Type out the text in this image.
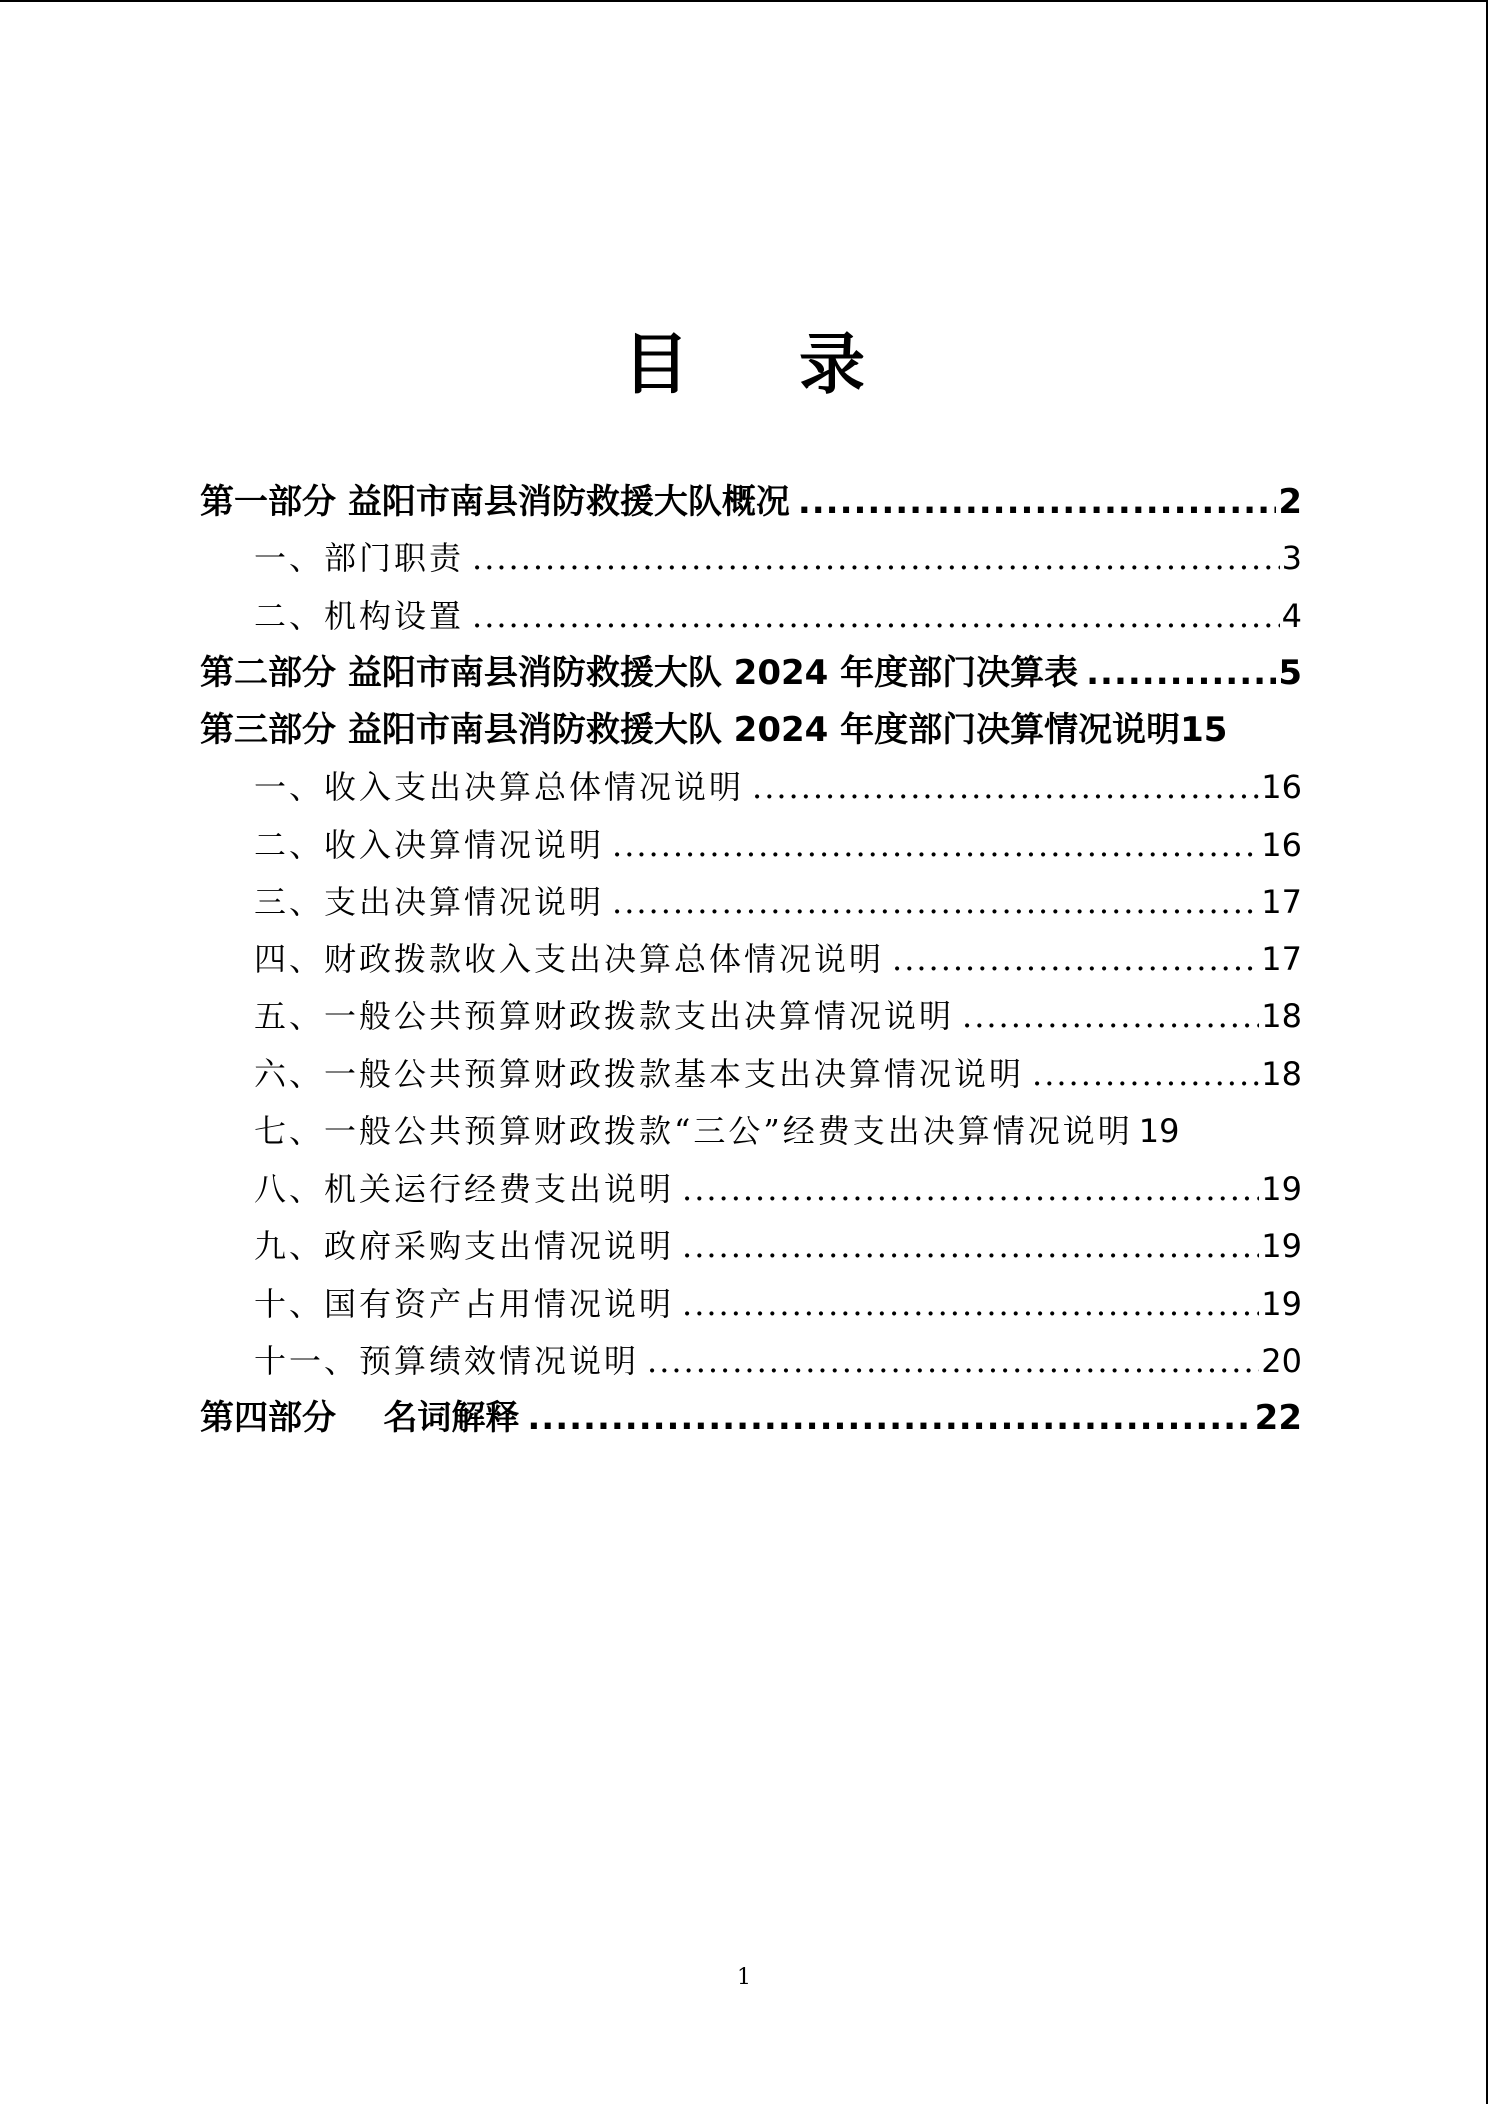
目录
第一部分 益阳市南县消防救援大队概况 .....	2
一、部门职责 .....	3
二、机构设置 .....	4
第二部分 益阳市南县消防救援大队 2024 年度部门决算表 .....	5
第三部分 益阳市南县消防救援大队 2024 年度部门决算情况说明 15
一、收入支出决算总体情况说明 .....	16
二、收入决算情况说明 .....	16
三、支出决算情况说明 .....	17
四、财政拨款收入支出决算总体情况说明 .....	17
五、一般公共预算财政拨款支出决算情况说明 .....	18
六、一般公共预算财政拨款基本支出决算情况说明 .....	18
七、一般公共预算财政拨款“三公”经费支出决算情况说明 19
八、机关运行经费支出说明 .....	19
九、政府采购支出情况说明 .....	19
十、国有资产占用情况说明 .....	19
十一、预算绩效情况说明 .....	20
第四部分    名词解释 .....	22
1
